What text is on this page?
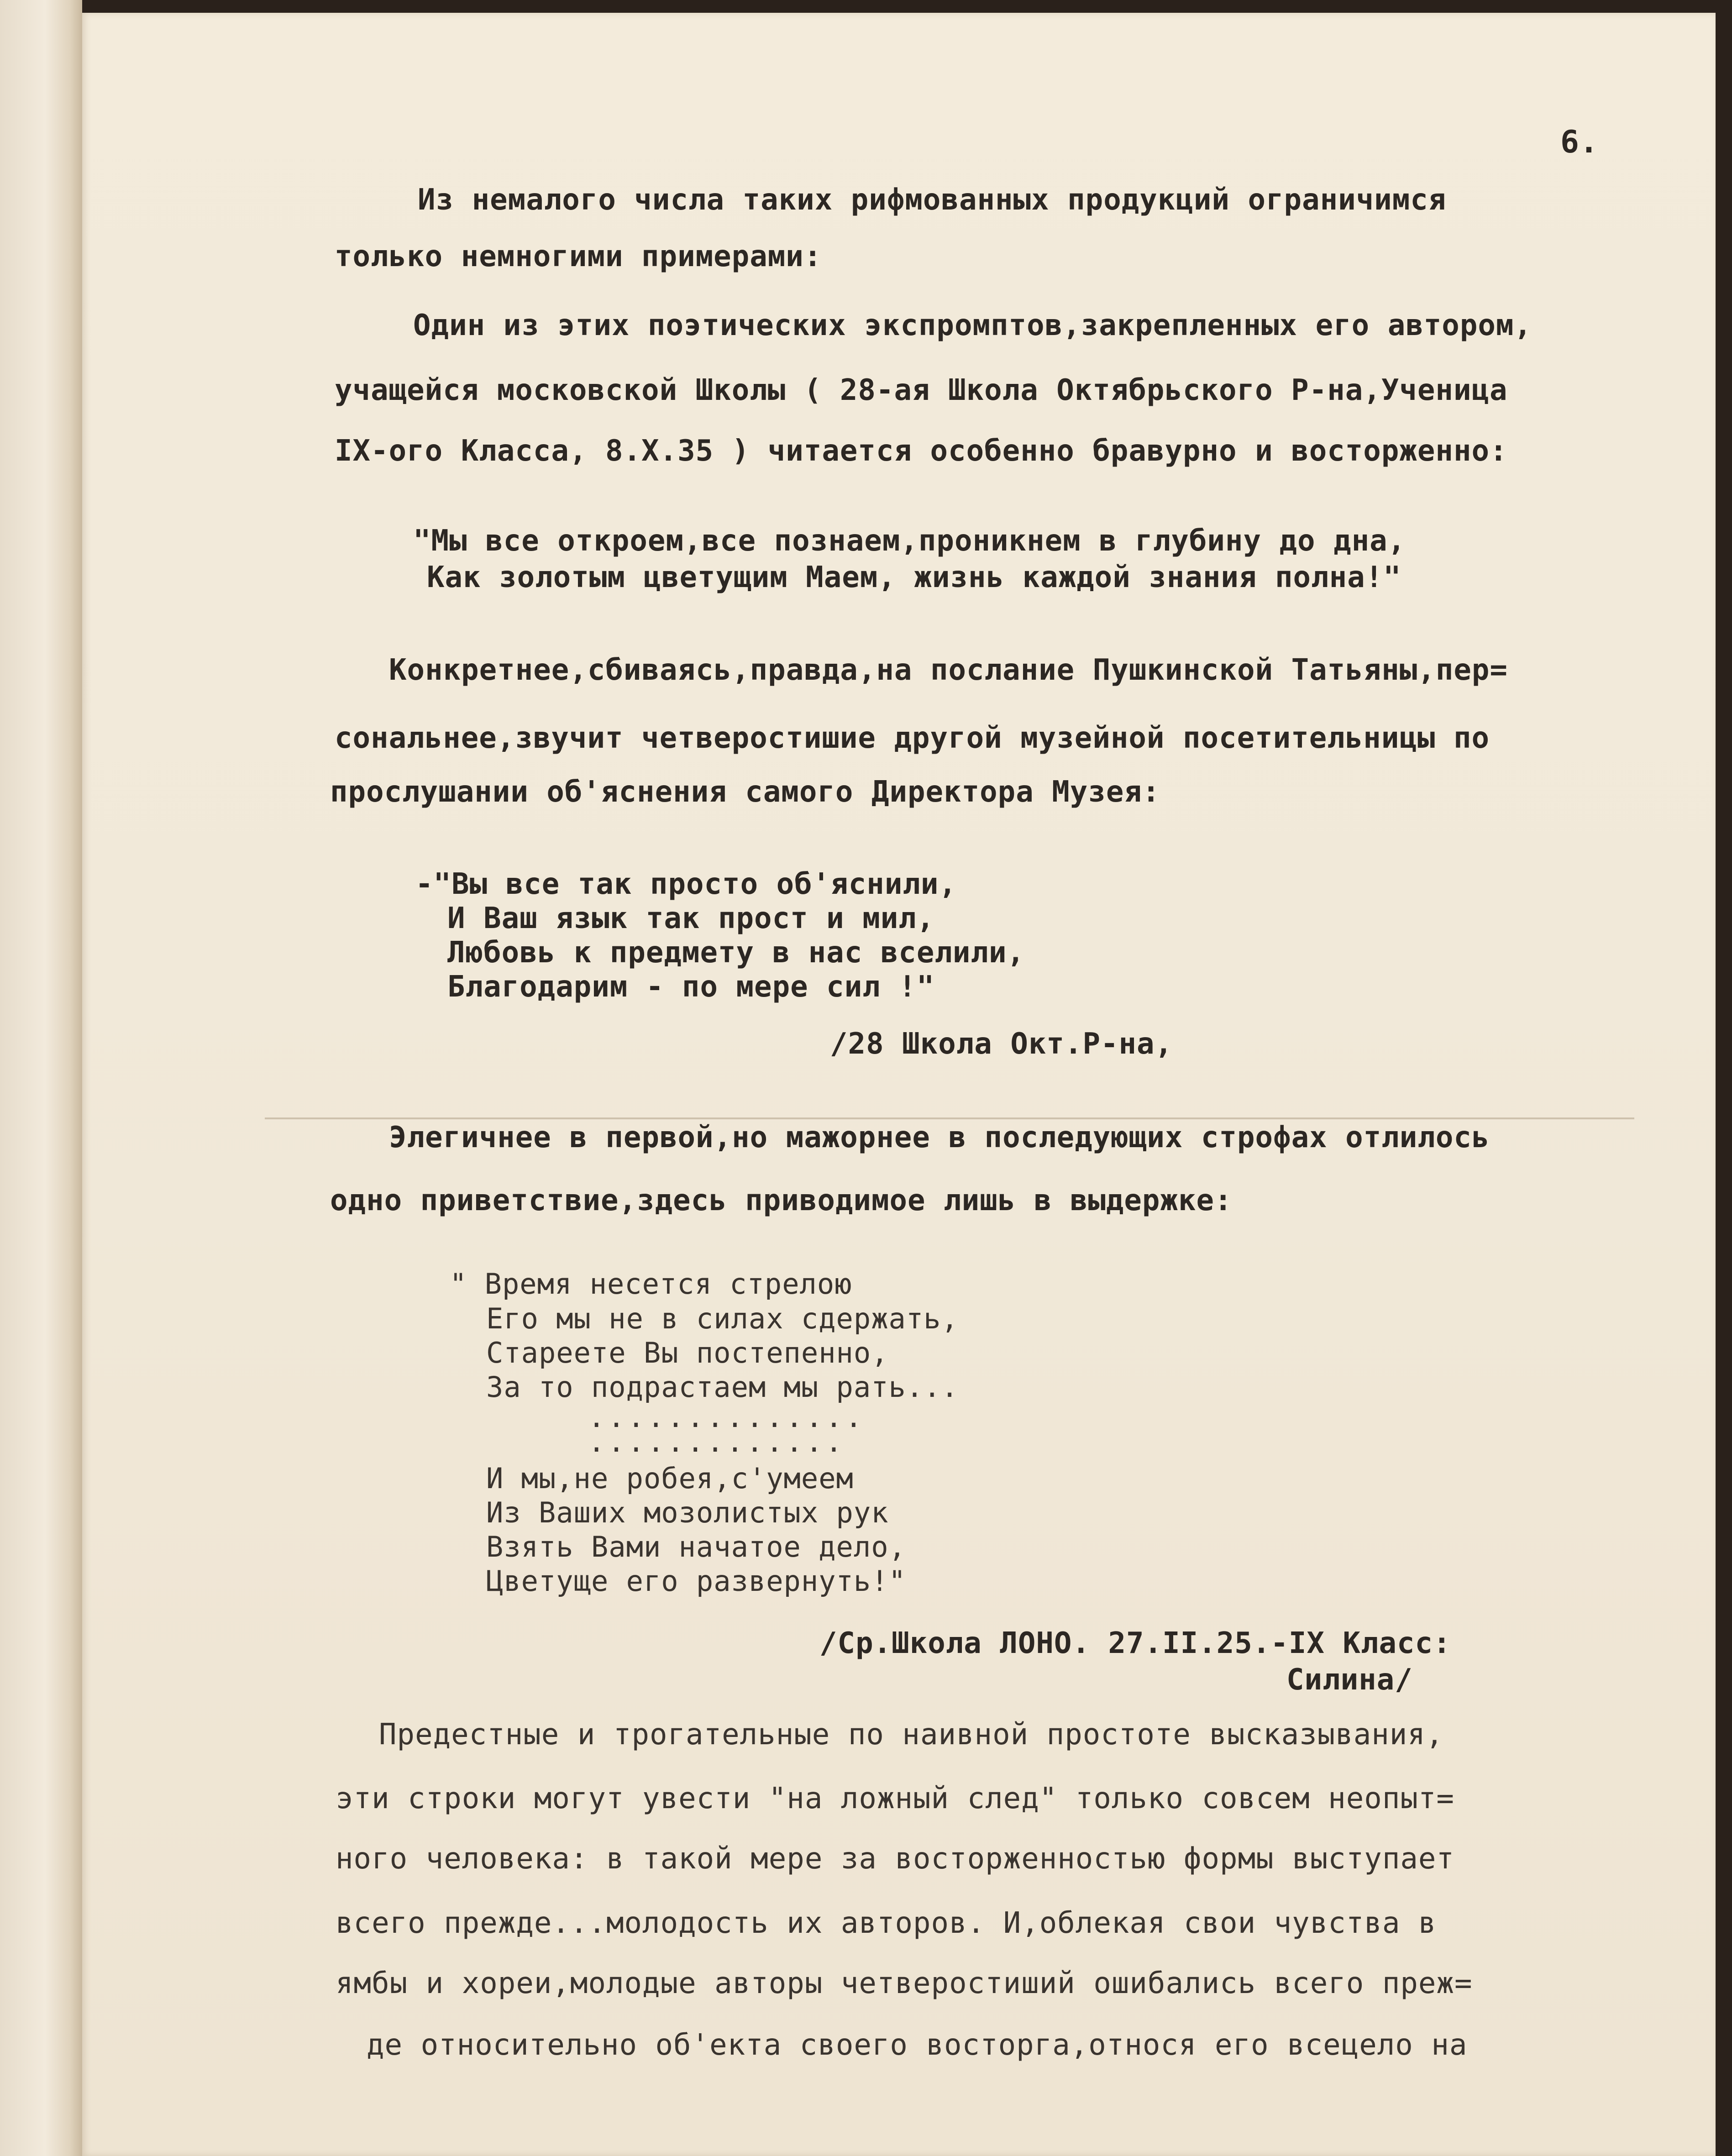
6.
Из немалого числа таких рифмованных продукций ограничимся
только немногими примерами:
Один из этих поэтических экспромптов,закрепленных его автором,
учащейся московской Школы ( 28-ая Школа Октябрьского Р-на,Ученица
IX-ого Класса, 8.X.35 ) читается особенно бравурно и восторженно:
"Мы все откроем,все познаем,проникнем в глубину до дна,
Как золотым цветущим Маем, жизнь каждой знания полна!"
Конкретнее,сбиваясь,правда,на послание Пушкинской Татьяны,пер=
сональнее,звучит четверостишие другой музейной посетительницы по
прослушании об'яснения самого Директора Музея:
-"Вы все так просто об'яснили,
И Ваш язык так прост и мил,
Любовь к предмету в нас вселили,
Благодарим - по мере сил !"
/28 Школа Окт.Р-на,
Элегичнее в первой,но мажорнее в последующих строфах отлилось
одно приветствие,здесь приводимое лишь в выдержке:
" Время несется стрелою
Его мы не в силах сдержать,
Стареете Вы постепенно,
За то подрастаем мы рать...
..............
.............
И мы,не робея,с'умеем
Из Ваших мозолистых рук
Взять Вами начатое дело,
Цветуще его развернуть!"
/Ср.Школа ЛОНО. 27.II.25.-IX Класс:
Силина/
Предестные и трогательные по наивной простоте высказывания,
эти строки могут увести "на ложный след" только совсем неопыт=
ного человека: в такой мере за восторженностью формы выступает
всего прежде...молодость их авторов. И,облекая свои чувства в
ямбы и хореи,молодые авторы четверостиший ошибались всего преж=
де относительно об'екта своего восторга,относя его всецело на
